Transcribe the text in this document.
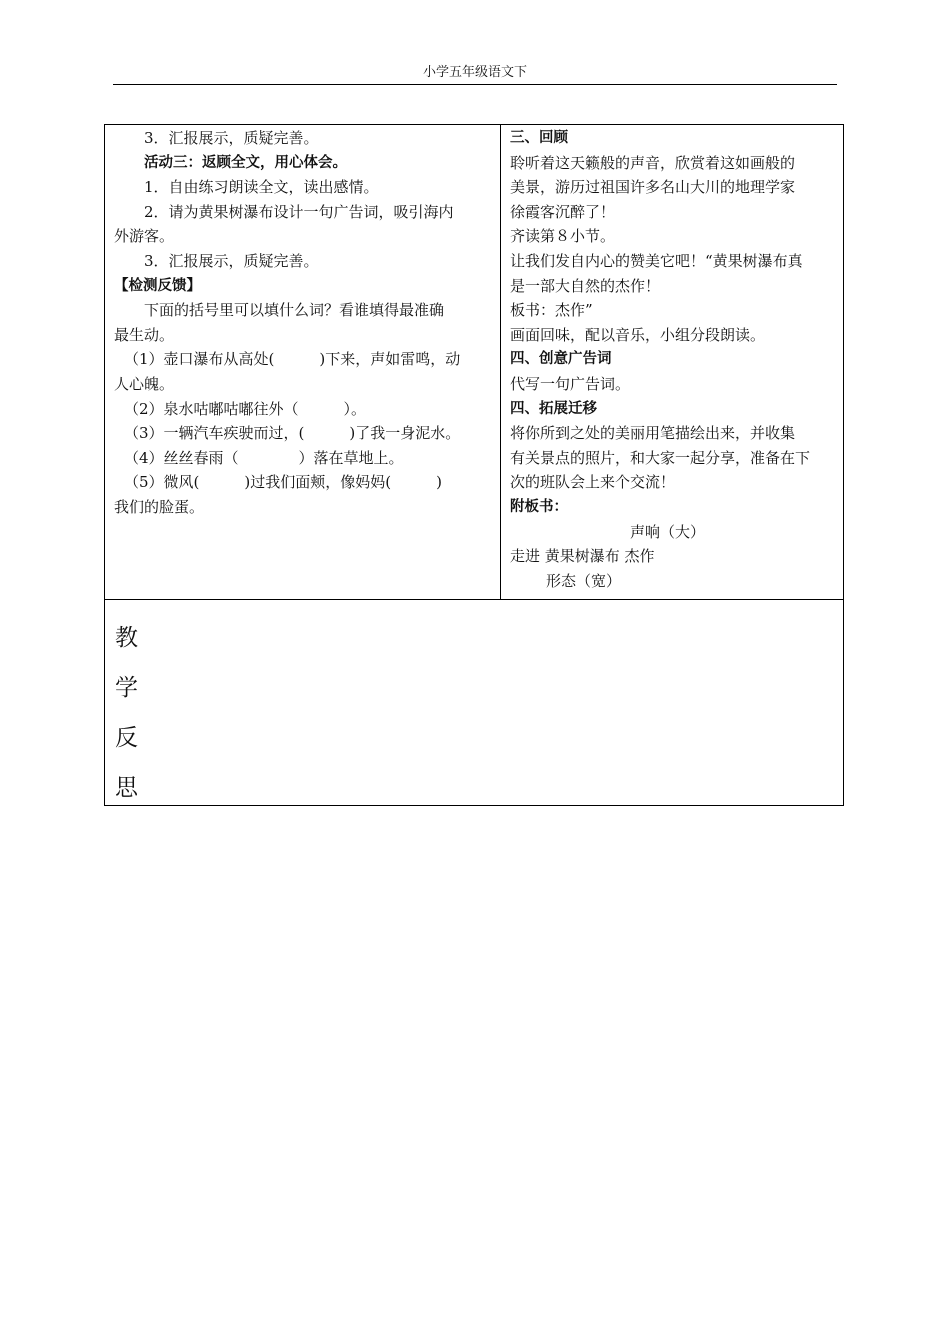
小学五年级语文下

3．汇报展示，质疑完善。

活动三：返顾全文，用心体会。

1．自由练习朗读全文，读出感情。

2．请为黄果树瀑布设计一句广告词，吸引海内

外游客。

3．汇报展示，质疑完善。

【检测反馈】

下面的括号里可以填什么词？看谁填得最准确

最生动。

（1）壶口瀑布从高处(　　　)下来，声如雷鸣，动

人心魄。

（2）泉水咕嘟咕嘟往外（　　　）。

（3）一辆汽车疾驶而过，(　　　)了我一身泥水。

（4）丝丝春雨（　　　　）落在草地上。

（5）微风(　　　)过我们面颊，像妈妈(　　　)

我们的脸蛋。

三、回顾

聆听着这天籁般的声音，欣赏着这如画般的

美景，游历过祖国许多名山大川的地理学家

徐霞客沉醉了！

齐读第８小节。

让我们发自内心的赞美它吧！“黄果树瀑布真

是一部大自然的杰作！

板书：杰作”

画面回味，配以音乐，小组分段朗读。

四、创意广告词

代写一句广告词。

四、拓展迁移

将你所到之处的美丽用笔描绘出来，并收集

有关景点的照片，和大家一起分享，准备在下

次的班队会上来个交流！

附板书：

声响（大）

走进 黄果树瀑布 杰作

形态（宽）

教

学

反

思
